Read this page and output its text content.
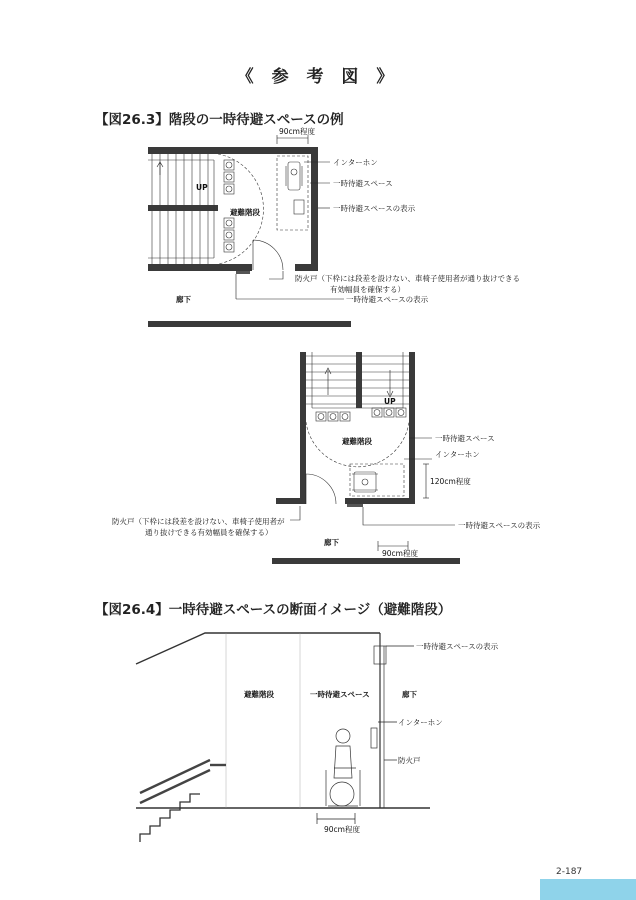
《 参 考 図 》
【図26.3】階段の一時待避スペースの例
90cm程度
UP
避難階段
インターホン
一時待避スペース
一時待避スペースの表示
防火戸（下枠には段差を設けない、車椅子使用者が通り抜けできる
有効幅員を確保する）
一時待避スペースの表示
廊下
UP
避難階段	一時待避スペース
インターホン
120cm程度
防火戸（下枠には段差を設けない、車椅子使用者が
通り抜けできる有効幅員を確保する）
一時待避スペースの表示
廊下
90cm程度
【図26.4】一時待避スペースの断面イメージ（避難階段）
一時待避スペースの表示
避難階段	一時待避スペース	廊下
インターホン
防火戸
90cm程度
2-187
